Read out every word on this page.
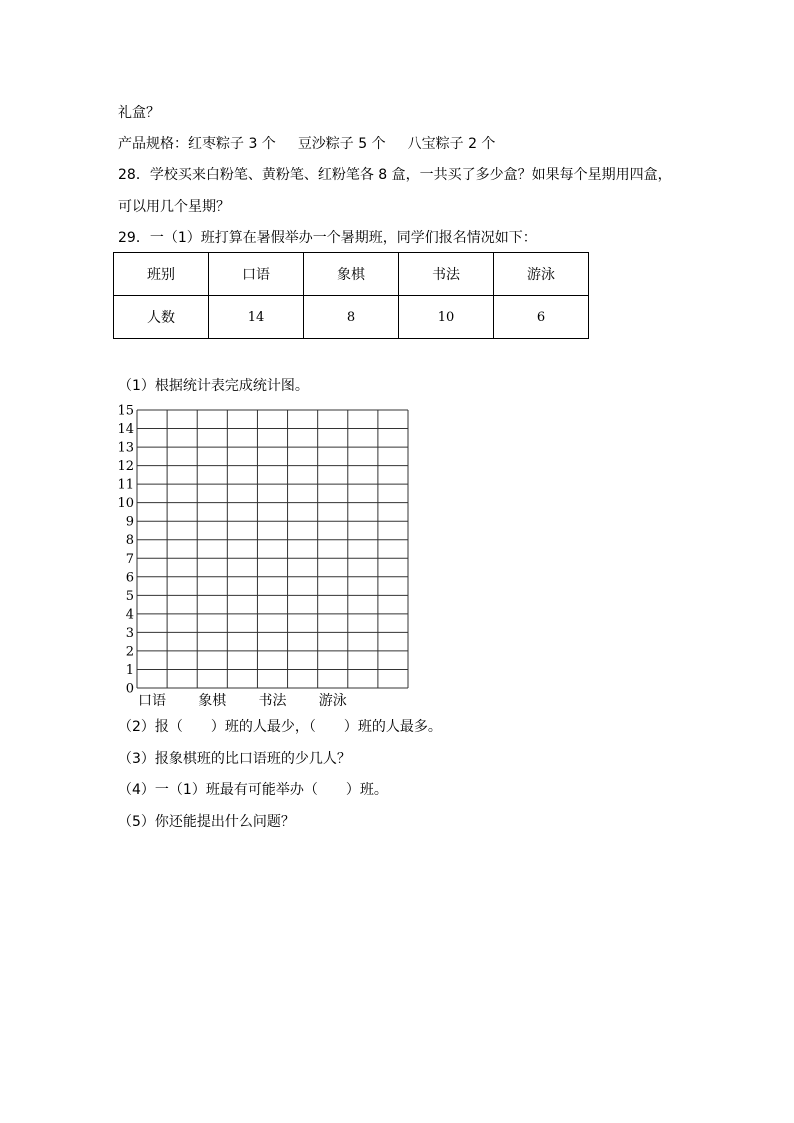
礼盒？
产品规格：红枣粽子 3 个 豆沙粽子 5 个 八宝粽子 2 个
28．学校买来白粉笔、黄粉笔、红粉笔各 8 盒，一共买了多少盒？如果每个星期用四盒，
可以用几个星期？
29．一（1）班打算在暑假举办一个暑期班，同学们报名情况如下：
班别	口语	象棋	书法	游泳
人数	14	8	10	6
（1）根据统计表完成统计图。
0
1
2
3
4
5
6
7
8
9
10
11
12
13
14
15
口语 象棋 书法 游泳
（2）报（　　）班的人最少，（　　）班的人最多。
（3）报象棋班的比口语班的少几人？
（4）一（1）班最有可能举办（　　）班。
（5）你还能提出什么问题？
